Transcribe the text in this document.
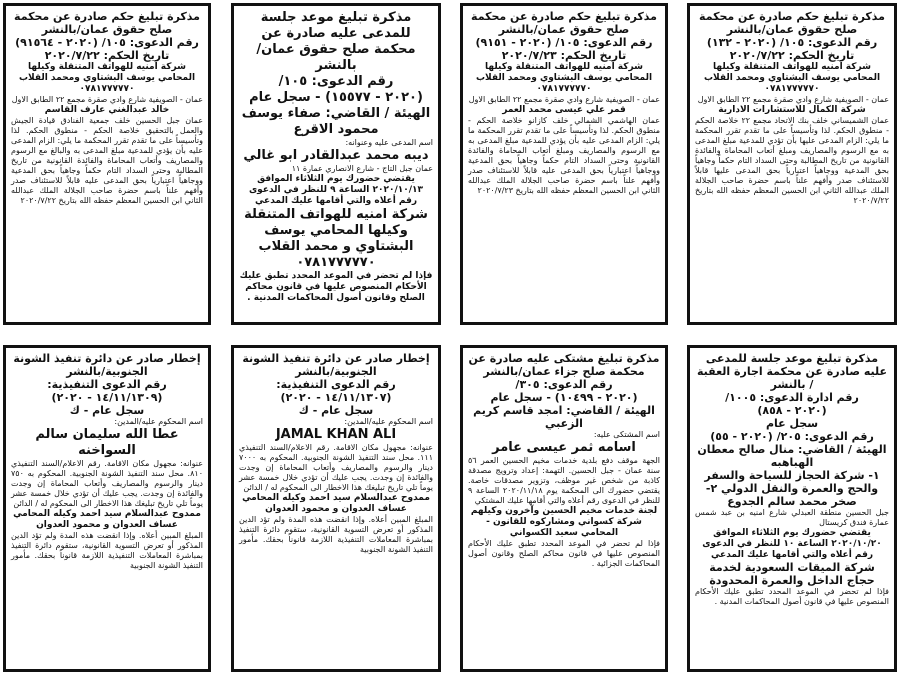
مذكرة تبليغ حكم صادرة عن محكمة صلح حقوق عمان/بالنشر

رقم الدعوى: ١٠٥/ (٢٠٢٠ - ٩١٥٦٤)

تاريخ الحكم: ٢٠٢٠/٧/٢٢

شركة امنيه للهواتف المتنقلة وكيلها المحامي يوسف البشتاوي ومحمد القلاب

٠٧٨١٧٧٧٧٧٠

عمان - الصويفية شارع وادي صقرة مجمع ٢٢ الطابق الاول

خالد عبدالغني عارف القاسم

عمان جبل الحسين خلف جمعية الفنادق قيادة الجيش والعمل بالتحقيق خلاصة الحكم - منطوق الحكم. لذا وتأسيساً على ما تقدم تقرر المحكمة ما يلي: الزام المدعى عليه بأن يؤدي للمدعية مبلغ المدعى به والبالغ مع الرسوم والمصاريف وأتعاب المحاماة والفائدة القانونية من تاريخ المطالبة وحتى السداد التام حكماً وجاهياً بحق المدعية ووجاهياً اعتبارياً بحق المدعى عليه قابلاً للاستئناف صدر وأفهم علناً باسم حضرة صاحب الجلالة الملك عبدالله الثاني ابن الحسين المعظم حفظه الله بتاريخ ٢٠٢٠/٧/٢٢

مذكرة تبليغ موعد جلسة للمدعى عليه صادرة عن محكمة صلح حقوق عمان/بالنشر

رقم الدعوى: ١٠٥/

(٢٠٢٠ - ١٥٥٧٧) - سجل عام

الهيئة / القاضي: صفاء يوسف محمود الاقرع

اسم المدعى عليه وعنوانه:

ديبه محمد عبدالقادر ابو غالي

عمان جبل التاج - شارع الانصاري عمارة ١١

يقتضي حضورك يوم الثلاثاء الموافق ٢٠٢٠/١٠/١٣ الساعة ٩ للنظر في الدعوى رقم أعلاه والتي أقامها عليك المدعي

شركة امنيه للهواتف المتنقلة وكيلها المحامي يوسف البشتاوي و محمد القلاب

٠٧٨١٧٧٧٧٧٠

فإذا لم تحضر في الموعد المحدد تطبق عليك الأحكام المنصوص عليها في قانون محاكم الصلح وقانون أصول المحاكمات المدنية .

مذكرة تبليغ حكم صادرة عن محكمة صلح حقوق عمان/بالنشر

رقم الدعوى: ١٠٥/ (٢٠٢٠ - ٩١٥١)

تاريخ الحكم: ٢٠٢٠/٧/٢٣

شركة امنيه للهواتف المتنقلة وكيلها المحامي يوسف البشتاوي ومحمد القلاب

٠٧٨١٧٧٧٧٧٠

عمان - الصويفية شارع وادي صقرة مجمع ٢٢ الطابق الاول

قمر علي عيسى محمد العمر

عمان الهاشمي الشمالي خلف كازانو خلاصة الحكم - منطوق الحكم. لذا وتأسيساً على ما تقدم تقرر المحكمة ما يلي: الزام المدعى عليه بأن يؤدي للمدعية مبلغ المدعى به مع الرسوم والمصاريف ومبلغ أتعاب المحاماة والفائدة القانونية وحتى السداد التام حكماً وجاهياً بحق المدعية ووجاهياً اعتبارياً بحق المدعى عليه قابلاً للاستئناف صدر وأفهم علناً باسم حضرة صاحب الجلالة الملك عبدالله الثاني ابن الحسين المعظم حفظه الله بتاريخ ٢٠٢٠/٧/٢٣

مذكرة تبليغ حكم صادرة عن محكمة صلح حقوق عمان/بالنشر

رقم الدعوى: ١٠٥/ (٢٠٢٠ - ١٣٢)

تاريخ الحكم: ٢٠٢٠/٧/٢٢

شركة امنيه للهواتف المتنقلة وكيلها المحامي يوسف البشتاوي ومحمد القلاب

٠٧٨١٧٧٧٧٧٠

عمان - الصويفية شارع وادي صقرة مجمع ٢٢ الطابق الاول

شركة الكمال للاستشارات الادارية

عمان الشميساني خلف بنك الاتحاد مجمع ٢٢ خلاصة الحكم - منطوق الحكم. لذا وتأسيساً على ما تقدم تقرر المحكمة ما يلي: الزام المدعى عليها بأن تؤدي للمدعية مبلغ المدعى به مع الرسوم والمصاريف ومبلغ أتعاب المحاماة والفائدة القانونية من تاريخ المطالبة وحتى السداد التام حكماً وجاهياً بحق المدعية ووجاهياً اعتبارياً بحق المدعى عليها قابلاً للاستئناف صدر وأفهم علناً باسم حضرة صاحب الجلالة الملك عبدالله الثاني ابن الحسين المعظم حفظه الله بتاريخ ٢٠٢٠/٧/٢٢

إخطار صادر عن دائرة تنفيذ الشونة الجنوبية/بالنشر

رقم الدعوى التنفيذية:

(١٤/١١/١٣٠٩ - ٢٠٢٠)

سجل عام - ك

اسم المحكوم عليه/المدين:

عطا الله سليمان سالم السواخنه

عنوانه: مجهول مكان الاقامة. رقم الاعلام/السند التنفيذي ٨١٠. محل سند التنفيذ الشونة الجنوبية. المحكوم به ٧٥٠ دينار والرسوم والمصاريف وأتعاب المحاماة إن وجدت والفائدة إن وجدت. يجب عليك أن تؤدي خلال خمسة عشر يوماً تلي تاريخ تبليغك هذا الاخطار الى المحكوم له / الدائن

ممدوح عبدالسلام سيد احمد وكيله المحامي عساف العدوان و محمود العدوان

المبلغ المبين أعلاه. وإذا انقضت هذه المدة ولم تؤد الدين المذكور أو تعرض التسوية القانونية، ستقوم دائرة التنفيذ بمباشرة المعاملات التنفيذية اللازمة قانوناً بحقك. مأمور التنفيذ الشونة الجنوبية

إخطار صادر عن دائرة تنفيذ الشونة الجنوبية/بالنشر

رقم الدعوى التنفيذية:

(١٤/١١/١٣٠٧ - ٢٠٢٠)

سجل عام - ك

اسم المحكوم عليه/المدين:

JAMAL KHAN ALI

عنوانه: مجهول مكان الاقامة. رقم الاعلام/السند التنفيذي ١١١. محل سند التنفيذ الشونة الجنوبية. المحكوم به ٧٠٠٠ دينار والرسوم والمصاريف وأتعاب المحاماة إن وجدت والفائدة إن وجدت. يجب عليك أن تؤدي خلال خمسة عشر يوماً تلي تاريخ تبليغك هذا الاخطار الى المحكوم له / الدائن

ممدوح عبدالسلام سيد احمد وكيله المحامي عساف العدوان و محمود العدوان

المبلغ المبين أعلاه. وإذا انقضت هذه المدة ولم تؤد الدين المذكور أو تعرض التسوية القانونية، ستقوم دائرة التنفيذ بمباشرة المعاملات التنفيذية اللازمة قانوناً بحقك. مأمور التنفيذ الشونة الجنوبية

مذكرة تبليغ مشتكى عليه صادرة عن محكمة صلح جزاء عمان/بالنشر

رقم الدعوى: ٣٠٥/

(٢٠٢٠ - ١٠٤٩٩) - سجل عام

الهيئة / القاضي: امجد قاسم كريم الزعبي

اسم المشتكى عليه:

اسامه ثمر عيسى عامر

الجهة موقف دفع بلدية خدمات مخيم الحسين العمر ٥٦ سنة عمان - جبل الحسين. التهمة: إعداد وترويج مصدقة كاذبة من شخص غير موظف، وتزوير مصدقات خاصة. يقتضي حضورك الى المحكمة يوم ٢٠٢٠/١١/١٨ الساعة ٩ للنظر في الدعوى رقم أعلاه والتي أقامها عليك المشتكي

لجنة خدمات مخيم الحسين وآخرون وكيلهم شركة كسواني ومشاركوه للقانون - المحامي سعيد الكسواني

فإذا لم تحضر في الموعد المحدد تطبق عليك الأحكام المنصوص عليها في قانون محاكم الصلح وقانون أصول المحاكمات الجزائية .

مذكرة تبليغ موعد جلسة للمدعى عليه صادرة عن محكمة اجارة العقبة / بالنشر

رقم ادارة الدعوى: ١٠٠٥/ (٢٠٢٠ - ٨٥٨)

سجل عام

رقم الدعوى: ٢٠٥/ (٢٠٢٠ - ٥٥)

الهيئة / القاضي: منال صالح معطان الهباهبه

١- شركة الحجاز للسياحة والسفر والحج والعمرة والنقل الدولي ٢- صخر محمد سالم الجدوع

جبل الحسين منطقة العبدلي شارع امنيه بن عبد شمس عمارة فندق كريستال

يقتضي حضورك يوم الثلاثاء الموافق ٢٠٢٠/١٠/٢٠ الساعة ١٠ للنظر في الدعوى رقم أعلاه والتي أقامها عليك المدعي

شركة الميقات السعودية لخدمة حجاج الداخل والعمرة المحدودة

فإذا لم تحضر في الموعد المحدد تطبق عليك الأحكام المنصوص عليها في قانون أصول المحاكمات المدنية .
